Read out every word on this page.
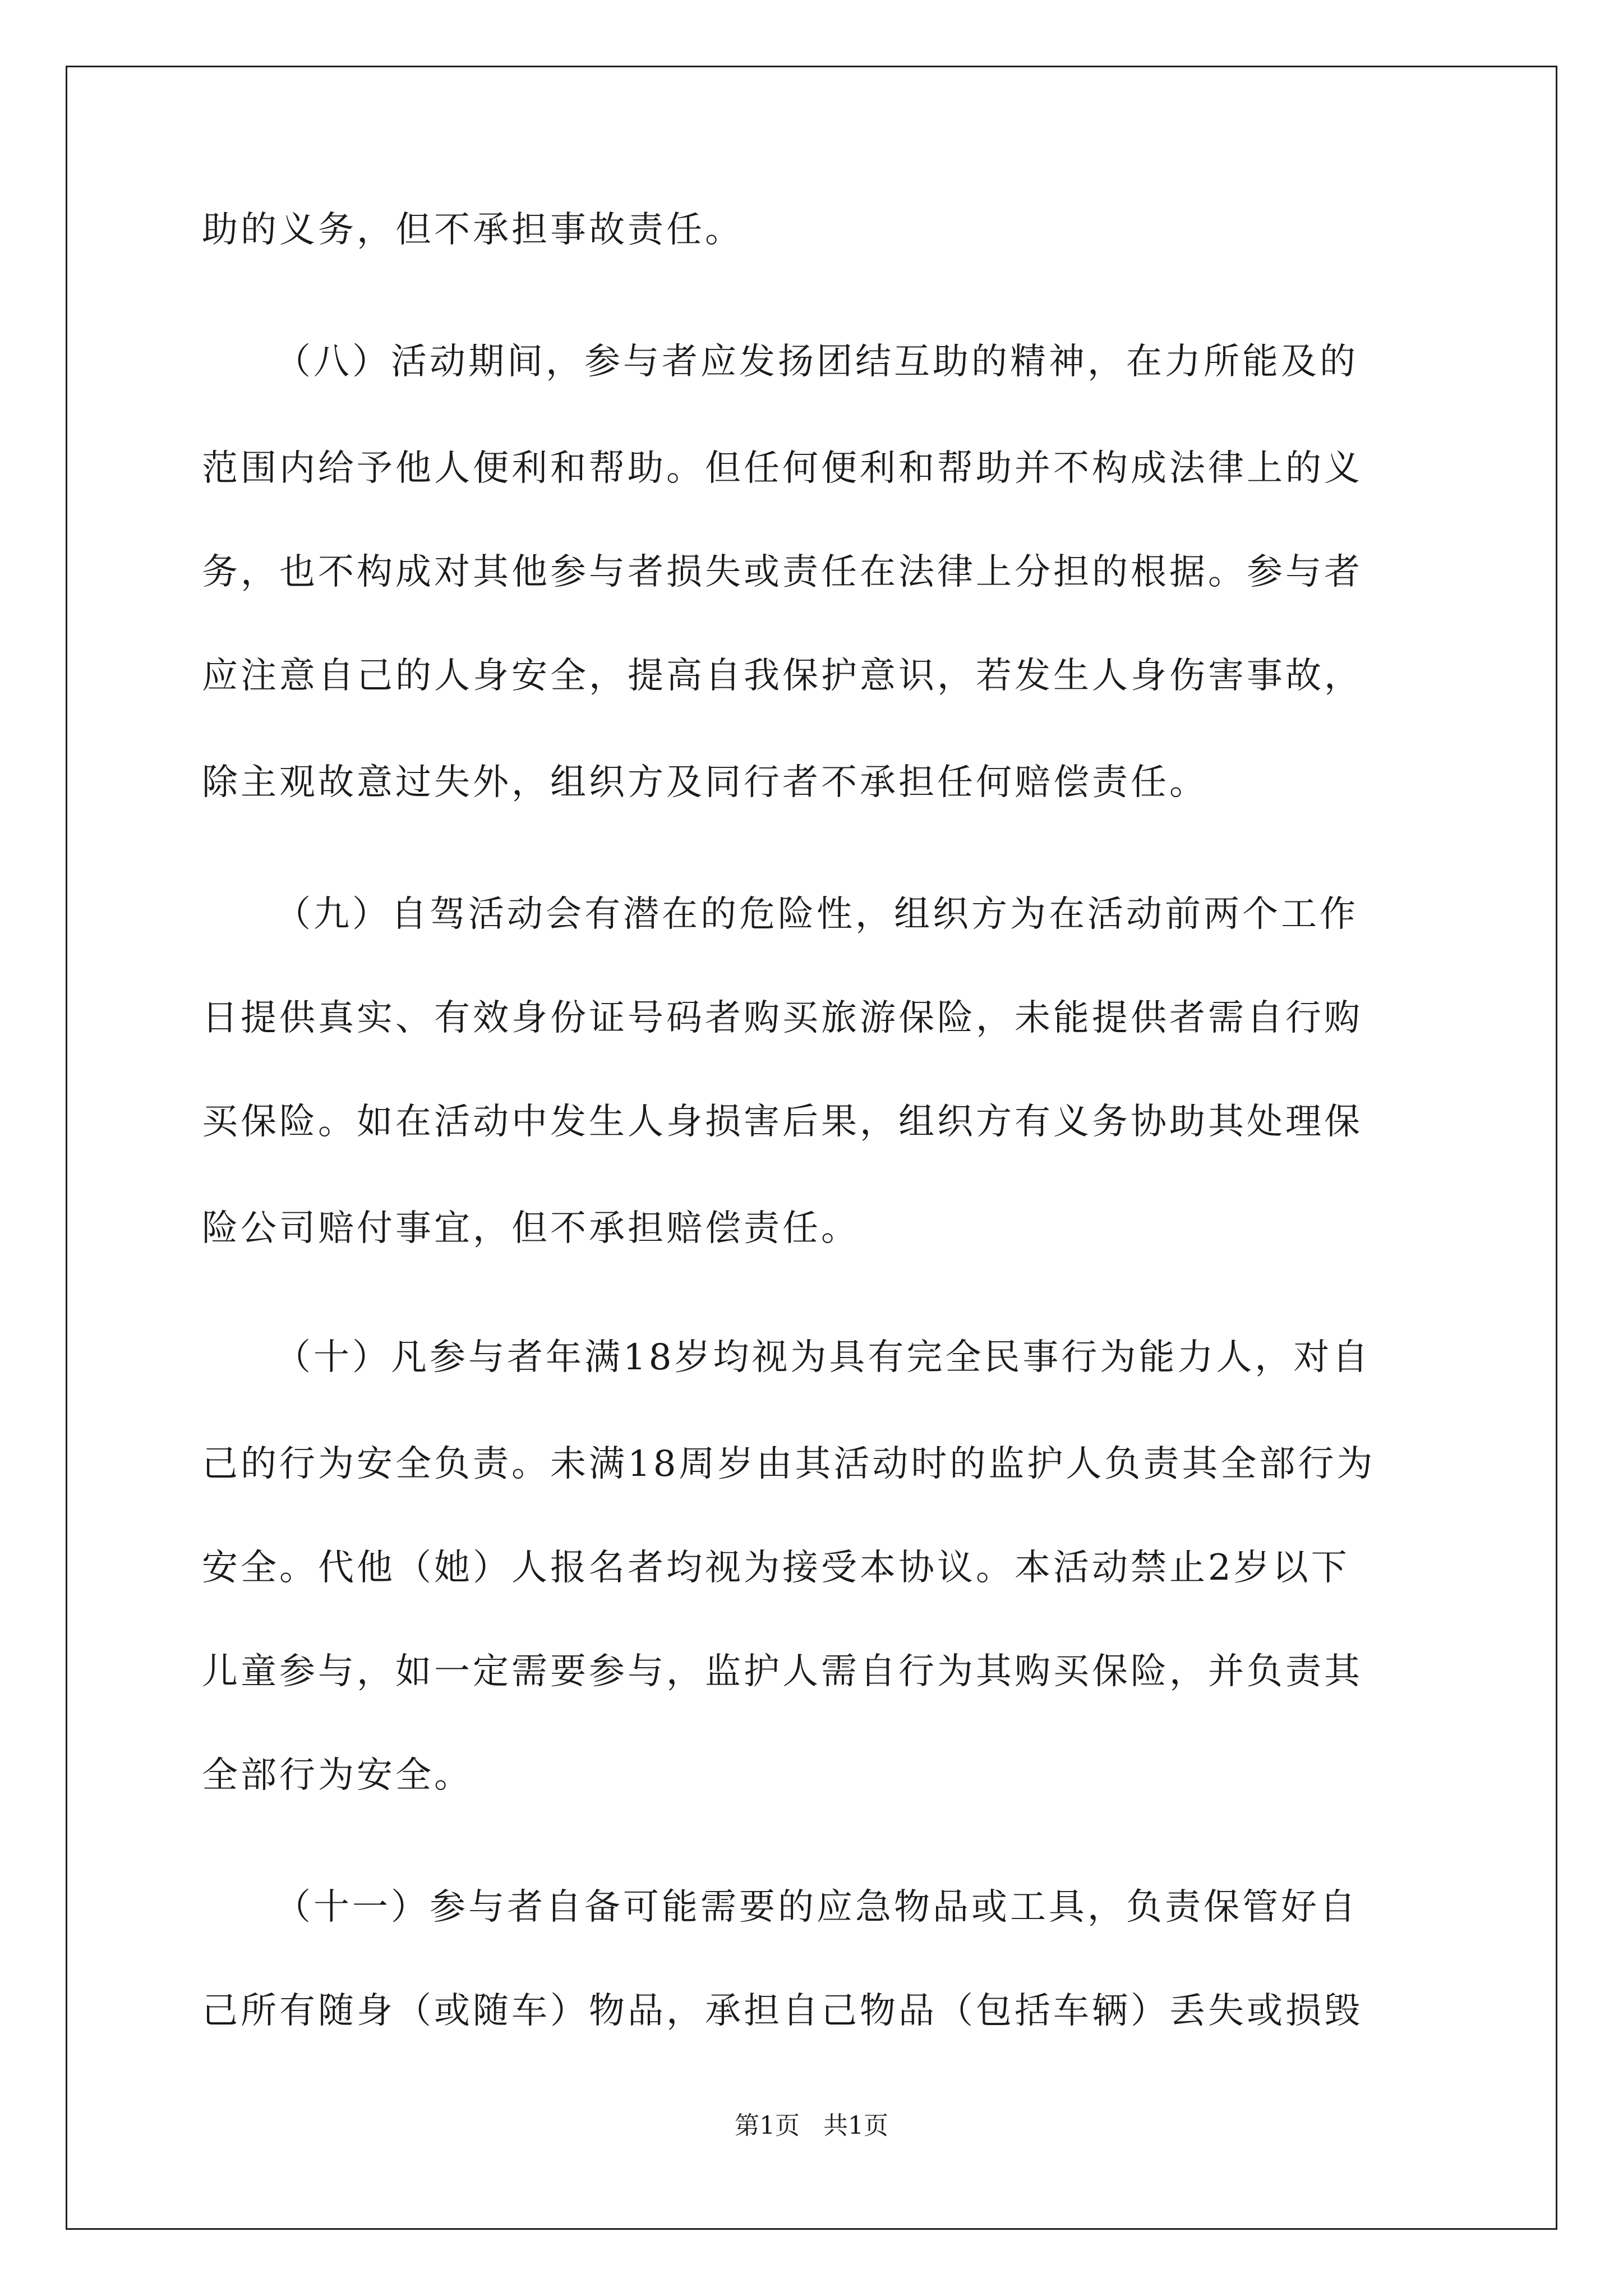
助的义务，但不承担事故责任。
（八）活动期间，参与者应发扬团结互助的精神，在力所能及的
范围内给予他人便利和帮助。但任何便利和帮助并不构成法律上的义
务，也不构成对其他参与者损失或责任在法律上分担的根据。参与者
应注意自己的人身安全，提高自我保护意识，若发生人身伤害事故，
除主观故意过失外，组织方及同行者不承担任何赔偿责任。
（九）自驾活动会有潜在的危险性，组织方为在活动前两个工作
日提供真实、有效身份证号码者购买旅游保险，未能提供者需自行购
买保险。如在活动中发生人身损害后果，组织方有义务协助其处理保
险公司赔付事宜，但不承担赔偿责任。
（十）凡参与者年满18岁均视为具有完全民事行为能力人，对自
己的行为安全负责。未满18周岁由其活动时的监护人负责其全部行为
安全。代他（她）人报名者均视为接受本协议。本活动禁止2岁以下
儿童参与，如一定需要参与，监护人需自行为其购买保险，并负责其
全部行为安全。
（十一）参与者自备可能需要的应急物品或工具，负责保管好自
己所有随身（或随车）物品，承担自己物品（包括车辆）丢失或损毁
第1页   共1页
